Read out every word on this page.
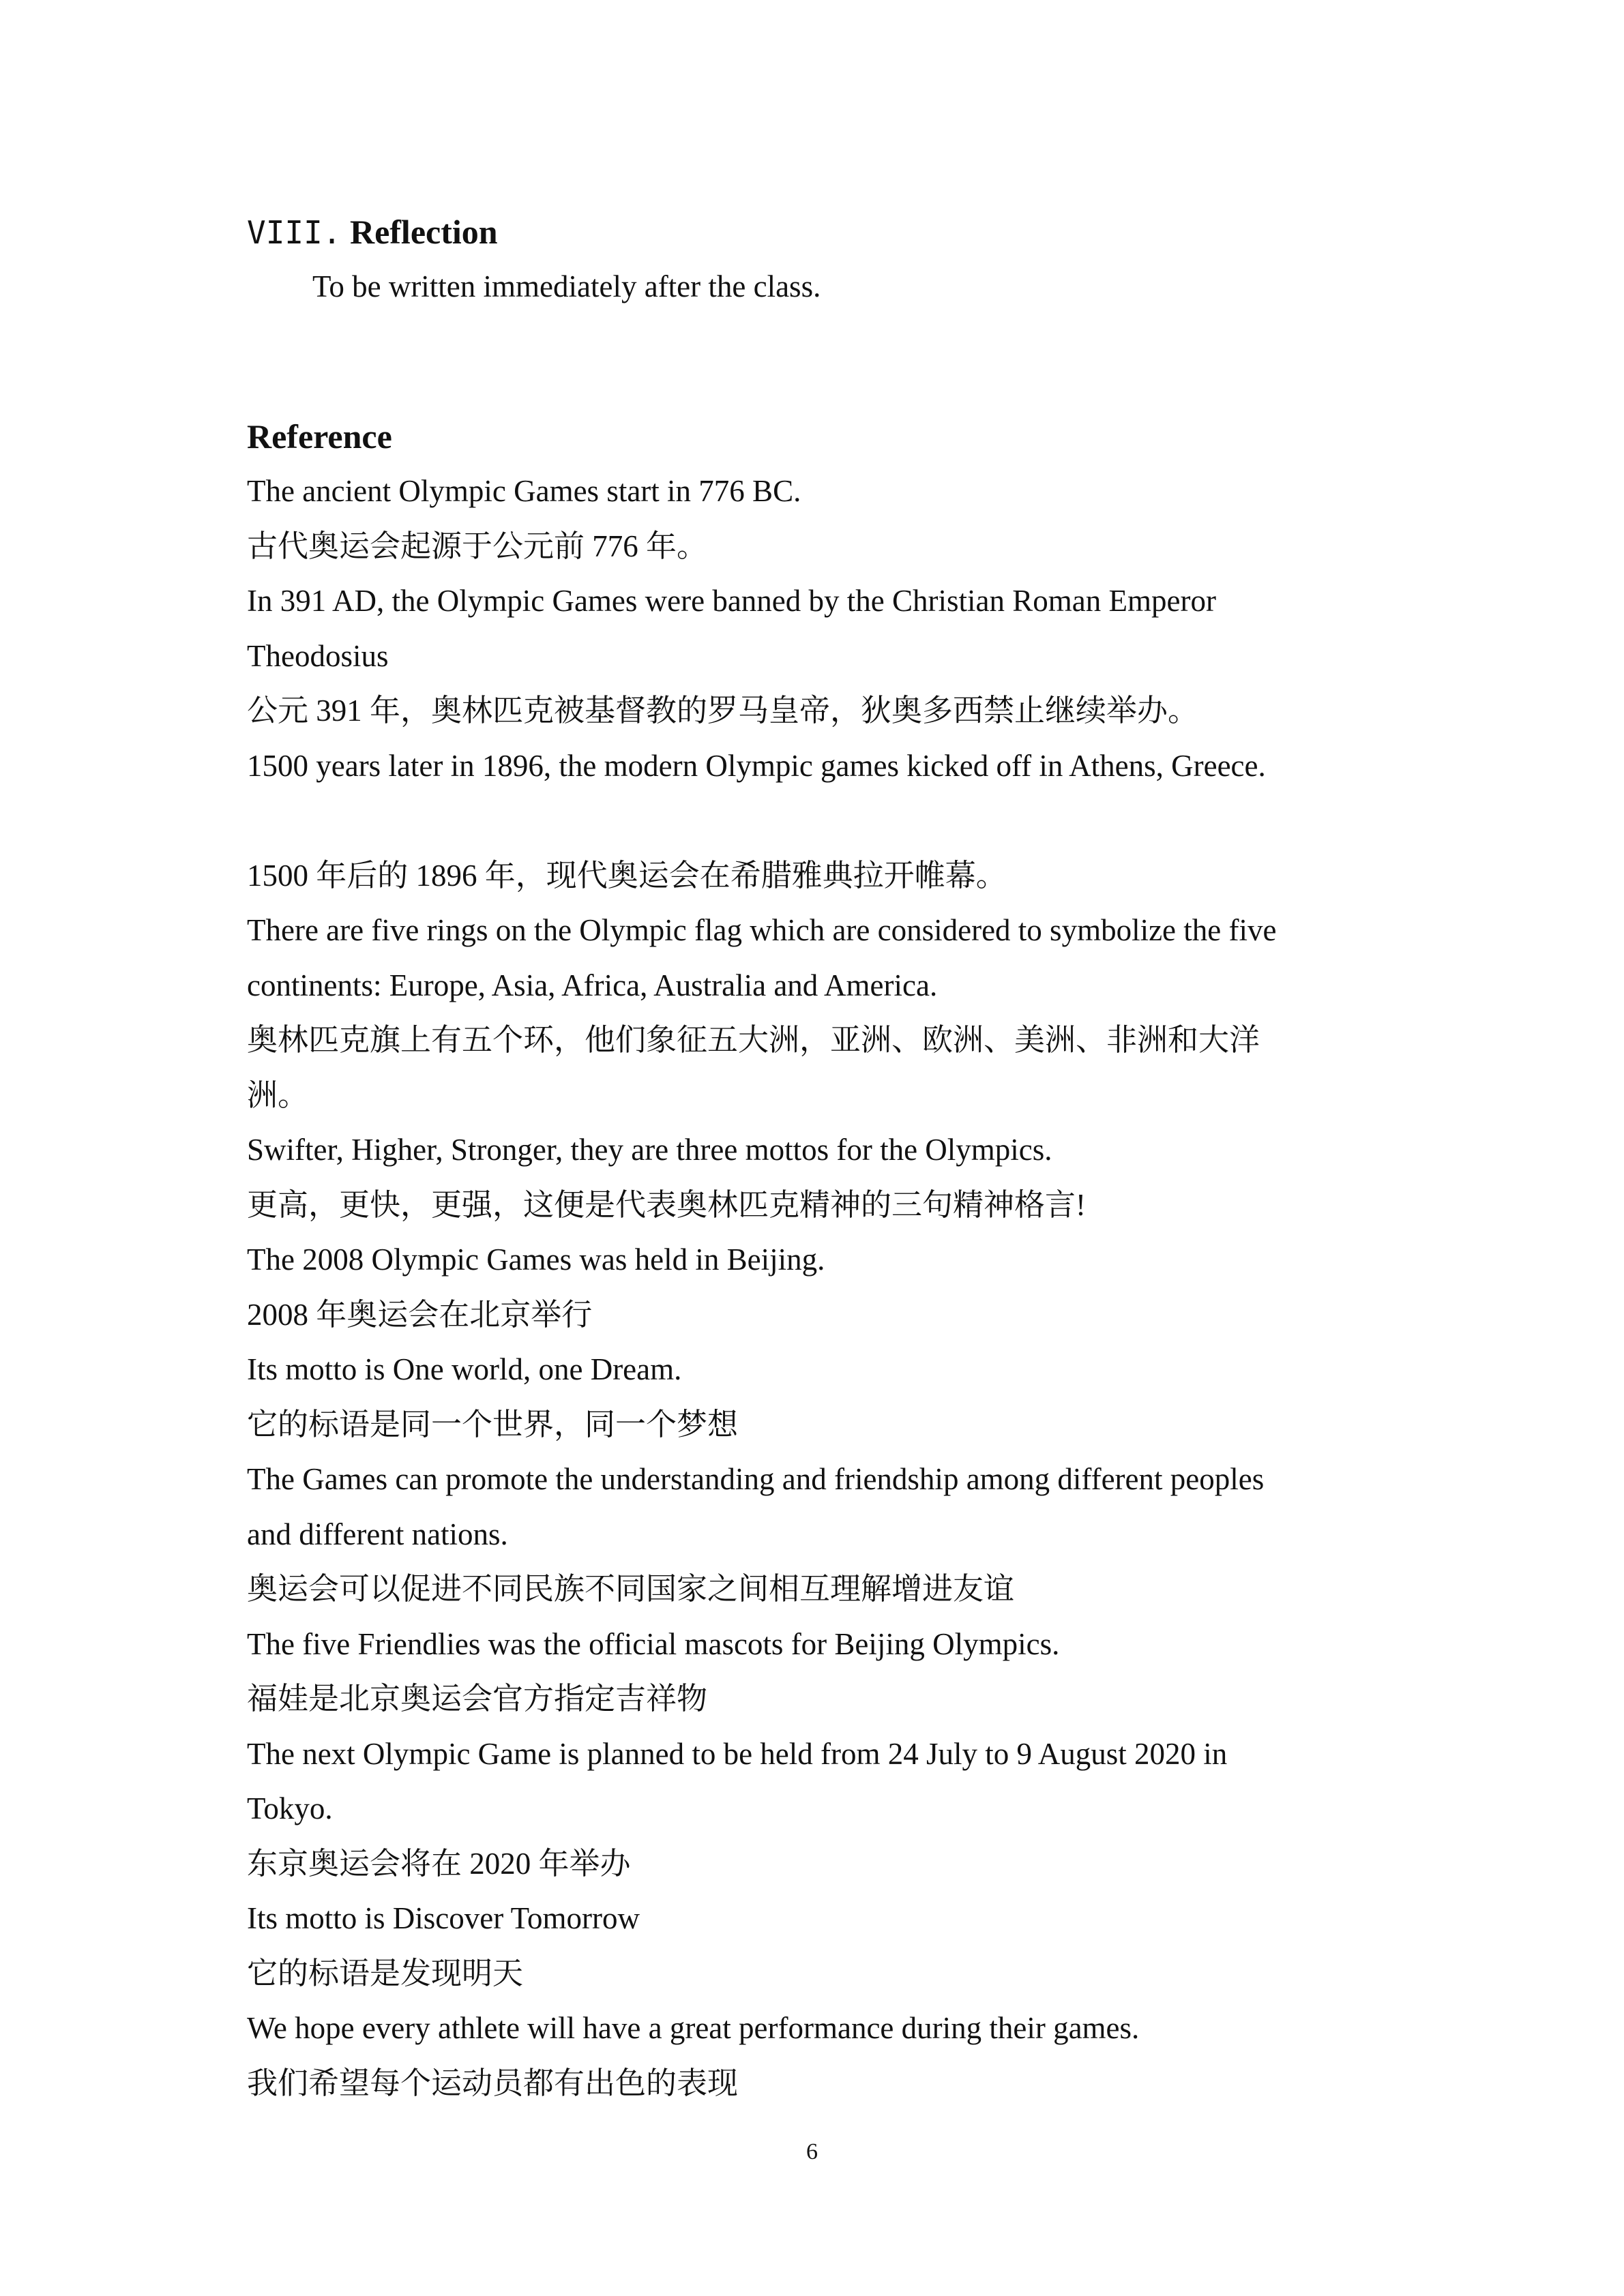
VIII. Reflection

To be written immediately after the class.

Reference

The ancient Olympic Games start in 776 BC.

古代奥运会起源于公元前 776 年。

In 391 AD, the Olympic Games were banned by the Christian Roman Emperor

Theodosius

公元 391 年，奥林匹克被基督教的罗马皇帝，狄奥多西禁止继续举办。

1500 years later in 1896, the modern Olympic games kicked off in Athens, Greece.

1500 年后的 1896 年，现代奥运会在希腊雅典拉开帷幕。

There are five rings on the Olympic flag which are considered to symbolize the five

continents: Europe, Asia, Africa, Australia and America.

奥林匹克旗上有五个环，他们象征五大洲，亚洲、欧洲、美洲、非洲和大洋

洲。

Swifter, Higher, Stronger, they are three mottos for the Olympics.

更高，更快，更强，这便是代表奥林匹克精神的三句精神格言!

The 2008 Olympic Games was held in Beijing.

2008 年奥运会在北京举行

Its motto is One world, one Dream.

它的标语是同一个世界，同一个梦想

The Games can promote the understanding and friendship among different peoples

and different nations.

奥运会可以促进不同民族不同国家之间相互理解增进友谊

The five Friendlies was the official mascots for Beijing Olympics.

福娃是北京奥运会官方指定吉祥物

The next Olympic Game is planned to be held from 24 July to 9 August 2020 in

Tokyo.

东京奥运会将在 2020 年举办

Its motto is Discover Tomorrow

它的标语是发现明天

We hope every athlete will have a great performance during their games.

我们希望每个运动员都有出色的表现

6
